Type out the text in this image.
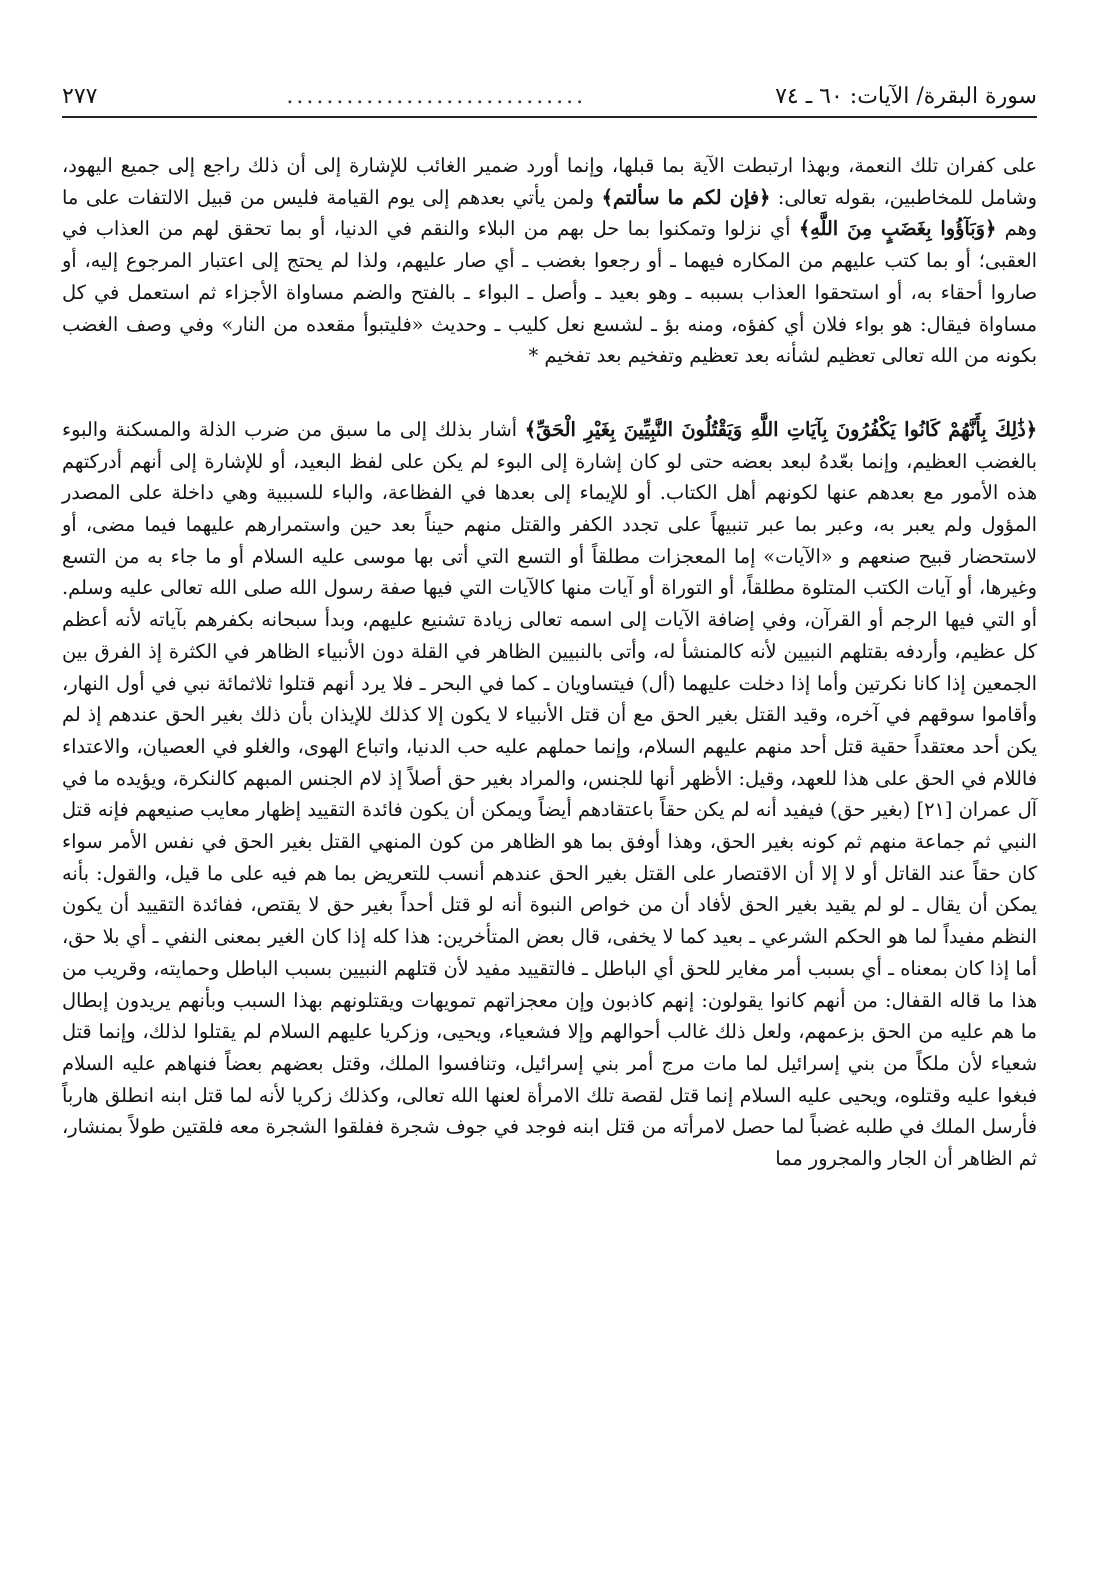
سورة البقرة/ الآيات: ٦٠ ـ ٧٤
..............................
٢٧٧

على كفران تلك النعمة، وبهذا ارتبطت الآية بما قبلها، وإنما أورد ضمير الغائب للإشارة إلى أن ذلك راجع إلى جميع اليهود، وشامل للمخاطبين، بقوله تعالى: ﴿فإن لكم ما سألتم﴾ ولمن يأتي بعدهم إلى يوم القيامة فليس من قبيل الالتفات على ما وهم ﴿وَبَآؤُوا بِغَضَبٍ مِنَ اللَّهِ﴾ أي نزلوا وتمكنوا بما حل بهم من البلاء والنقم في الدنيا، أو بما تحقق لهم من العذاب في العقبى؛ أو بما كتب عليهم من المكاره فيهما ـ أو رجعوا بغضب ـ أي صار عليهم، ولذا لم يحتج إلى اعتبار المرجوع إليه، أو صاروا أحقاء به، أو استحقوا العذاب بسببه ـ وهو بعيد ـ وأصل ـ البواء ـ بالفتح والضم مساواة الأجزاء ثم استعمل في كل مساواة فيقال: هو بواء فلان أي كفؤه، ومنه بؤ ـ لشسع نعل كليب ـ وحديث «فليتبوأ مقعده من النار» وفي وصف الغضب بكونه من الله تعالى تعظيم لشأنه بعد تعظيم وتفخيم بعد تفخيم *

﴿ذَٰلِكَ بِأَنَّهُمْ كَانُوا يَكْفُرُونَ بِآيَاتِ اللَّهِ وَيَقْتُلُونَ النَّبِيِّينَ بِغَيْرِ الْحَقِّ﴾ أشار بذلك إلى ما سبق من ضرب الذلة والمسكنة والبوء بالغضب العظيم، وإنما بعّدهُ لبعد بعضه حتى لو كان إشارة إلى البوء لم يكن على لفظ البعيد، أو للإشارة إلى أنهم أدركتهم هذه الأمور مع بعدهم عنها لكونهم أهل الكتاب. أو للإيماء إلى بعدها في الفظاعة، والباء للسببية وهي داخلة على المصدر المؤول ولم يعبر به، وعبر بما عبر تنبيهاً على تجدد الكفر والقتل منهم حيناً بعد حين واستمرارهم عليهما فيما مضى، أو لاستحضار قبيح صنعهم و «الآيات» إما المعجزات مطلقاً أو التسع التي أتى بها موسى عليه السلام أو ما جاء به من التسع وغيرها، أو آيات الكتب المتلوة مطلقاً، أو التوراة أو آيات منها كالآيات التي فيها صفة رسول الله صلى الله تعالى عليه وسلم. أو التي فيها الرجم أو القرآن، وفي إضافة الآيات إلى اسمه تعالى زيادة تشنيع عليهم، وبدأ سبحانه بكفرهم بآياته لأنه أعظم كل عظيم، وأردفه بقتلهم النبيين لأنه كالمنشأ له، وأتى بالنبيين الظاهر في القلة دون الأنبياء الظاهر في الكثرة إذ الفرق بين الجمعين إذا كانا نكرتين وأما إذا دخلت عليهما (أل) فيتساويان ـ كما في البحر ـ فلا يرد أنهم قتلوا ثلاثمائة نبي في أول النهار، وأقاموا سوقهم في آخره، وقيد القتل بغير الحق مع أن قتل الأنبياء لا يكون إلا كذلك للإيذان بأن ذلك بغير الحق عندهم إذ لم يكن أحد معتقداً حقية قتل أحد منهم عليهم السلام، وإنما حملهم عليه حب الدنيا، واتباع الهوى، والغلو في العصيان، والاعتداء فاللام في الحق على هذا للعهد، وقيل: الأظهر أنها للجنس، والمراد بغير حق أصلاً إذ لام الجنس المبهم كالنكرة، ويؤيده ما في آل عمران [٢١] (بغير حق) فيفيد أنه لم يكن حقاً باعتقادهم أيضاً ويمكن أن يكون فائدة التقييد إظهار معايب صنيعهم فإنه قتل النبي ثم جماعة منهم ثم كونه بغير الحق، وهذا أوفق بما هو الظاهر من كون المنهي القتل بغير الحق في نفس الأمر سواء كان حقاً عند القاتل أو لا إلا أن الاقتصار على القتل بغير الحق عندهم أنسب للتعريض بما هم فيه على ما قيل، والقول: بأنه يمكن أن يقال ـ لو لم يقيد بغير الحق لأفاد أن من خواص النبوة أنه لو قتل أحداً بغير حق لا يقتص، ففائدة التقييد أن يكون النظم مفيداً لما هو الحكم الشرعي ـ بعيد كما لا يخفى، قال بعض المتأخرين: هذا كله إذا كان الغير بمعنى النفي ـ أي بلا حق، أما إذا كان بمعناه ـ أي بسبب أمر مغاير للحق أي الباطل ـ فالتقييد مفيد لأن قتلهم النبيين بسبب الباطل وحمايته، وقريب من هذا ما قاله القفال: من أنهم كانوا يقولون: إنهم كاذبون وإن معجزاتهم تمويهات ويقتلونهم بهذا السبب وبأنهم يريدون إبطال ما هم عليه من الحق بزعمهم، ولعل ذلك غالب أحوالهم وإلا فشعياء، ويحيى، وزكريا عليهم السلام لم يقتلوا لذلك، وإنما قتل شعياء لأن ملكاً من بني إسرائيل لما مات مرج أمر بني إسرائيل، وتنافسوا الملك، وقتل بعضهم بعضاً فنهاهم عليه السلام فبغوا عليه وقتلوه، ويحيى عليه السلام إنما قتل لقصة تلك الامرأة لعنها الله تعالى، وكذلك زكريا لأنه لما قتل ابنه انطلق هارباً فأرسل الملك في طلبه غضباً لما حصل لامرأته من قتل ابنه فوجد في جوف شجرة ففلقوا الشجرة معه فلقتين طولاً بمنشار، ثم الظاهر أن الجار والمجرور مما
